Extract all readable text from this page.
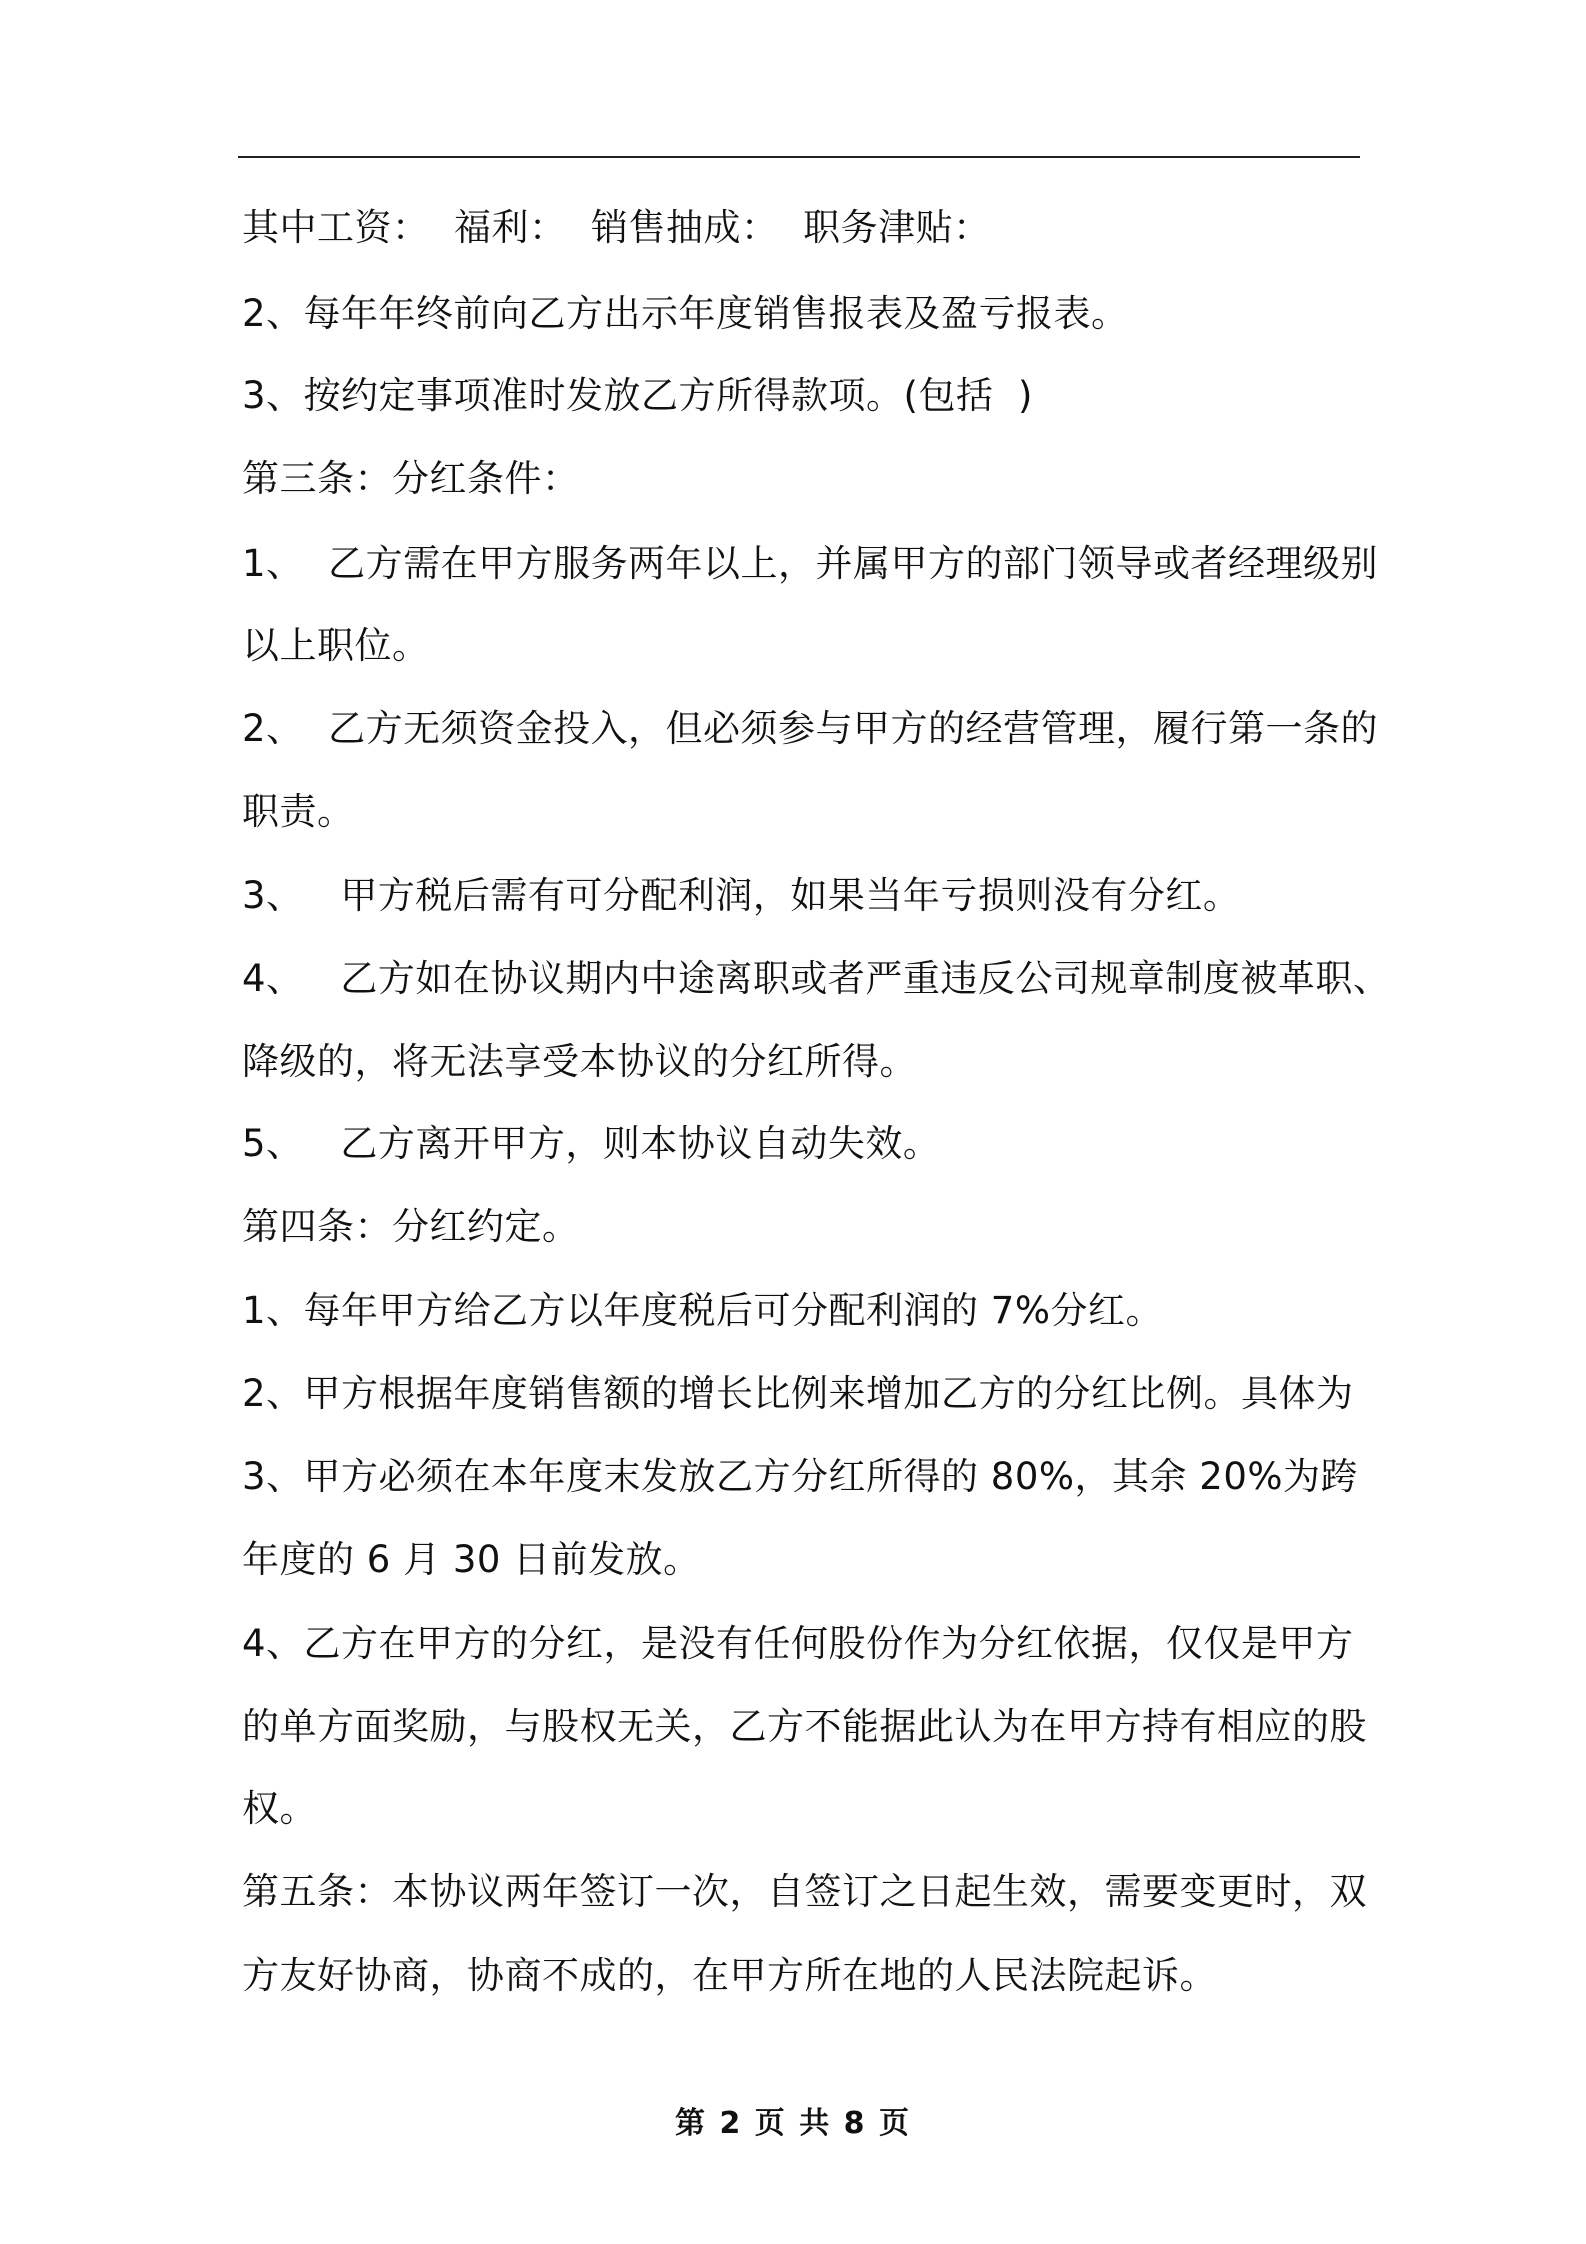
其中工资：  福利：  销售抽成：  职务津贴：
2、每年年终前向乙方出示年度销售报表及盈亏报表。
3、按约定事项准时发放乙方所得款项。(包括  )
第三条：分红条件：
1、  乙方需在甲方服务两年以上，并属甲方的部门领导或者经理级别
以上职位。
2、  乙方无须资金投入，但必须参与甲方的经营管理，履行第一条的
职责。
3、   甲方税后需有可分配利润，如果当年亏损则没有分红。
4、   乙方如在协议期内中途离职或者严重违反公司规章制度被革职、
降级的，将无法享受本协议的分红所得。
5、   乙方离开甲方，则本协议自动失效。
第四条：分红约定。
1、每年甲方给乙方以年度税后可分配利润的 7%分红。
2、甲方根据年度销售额的增长比例来增加乙方的分红比例。具体为
3、甲方必须在本年度末发放乙方分红所得的 80%，其余 20%为跨
年度的 6 月 30 日前发放。
4、乙方在甲方的分红，是没有任何股份作为分红依据，仅仅是甲方
的单方面奖励，与股权无关，乙方不能据此认为在甲方持有相应的股
权。
第五条：本协议两年签订一次，自签订之日起生效，需要变更时，双
方友好协商，协商不成的，在甲方所在地的人民法院起诉。
第 2 页 共 8 页
